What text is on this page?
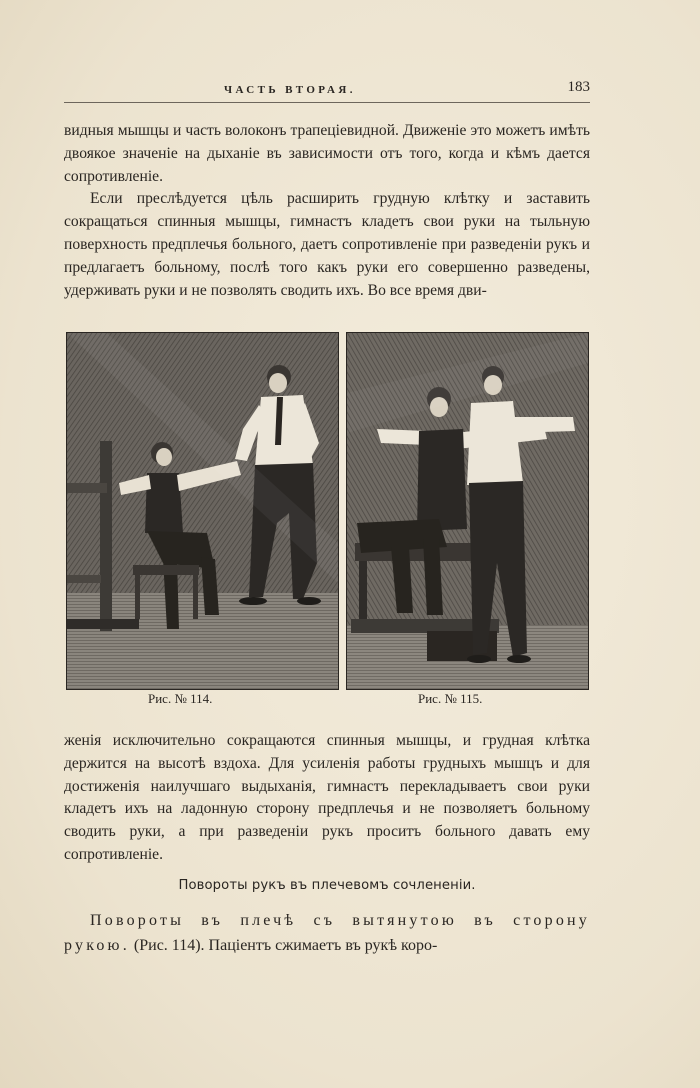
ЧАСТЬ ВТОРАЯ.	183

видныя мышцы и часть волоконъ трапецiевидной. Движенiе это можетъ имѣть двоякое значенiе на дыханiе въ зависимости отъ того, когда и кѣмъ дается сопротивленiе.

Если преслѣдуется цѣль расширить грудную клѣтку и заставить сокращаться спинныя мышцы, гимнастъ кладетъ свои руки на тыльную поверхность предплечья больного, даетъ сопротивленiе при разведенiи рукъ и предлагаетъ больному, послѣ того какъ руки его совершенно разведены, удерживать руки и не позволять сводить ихъ. Во все время дви-

Рис. № 114.	Рис. № 115.

женiя исключительно сокращаются спинныя мышцы, и грудная клѣтка держится на высотѣ вздоха. Для усиленiя работы грудныхъ мышцъ и для достиженiя наилучшаго выдыханiя, гимнастъ перекладываетъ свои руки кладетъ ихъ на ладонную сторону предплечья и не позволяетъ больному сводить руки, а при разведенiи рукъ проситъ больного давать ему сопротивленiе.

Повороты рукъ въ плечевомъ сочлененiи.

Повороты въ плечѣ съ вытянутою въ сторону рукою. (Рис. 114). Пацiентъ сжимаетъ въ рукѣ коро-
